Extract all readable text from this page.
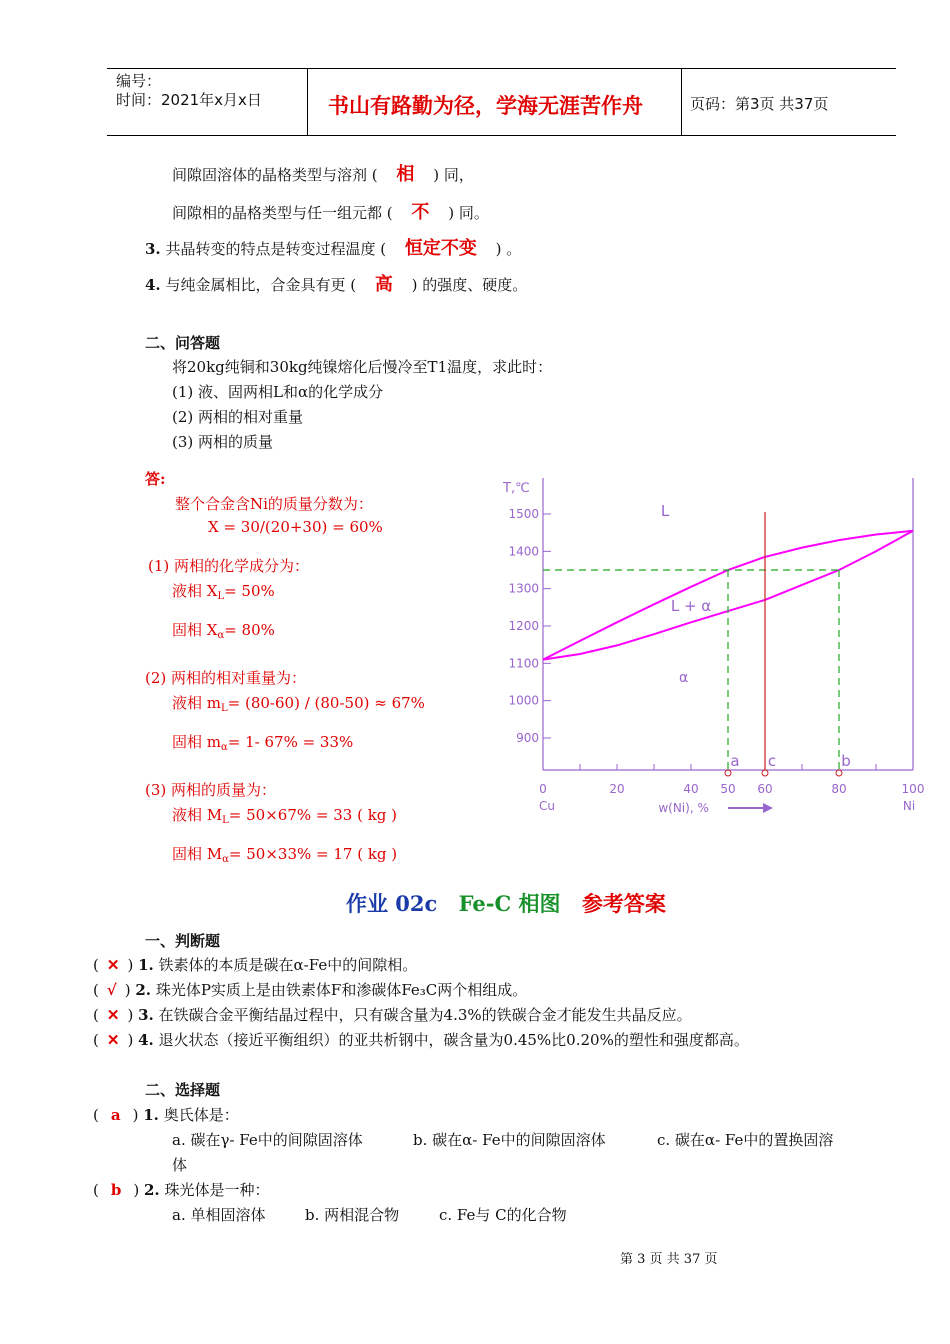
编号：
时间：2021年x月x日	书山有路勤为径，学海无涯苦作舟	页码：第3页 共37页
间隙固溶体的晶格类型与溶剂 ( 相 ) 同，
间隙相的晶格类型与任一组元都 ( 不 ) 同。
3. 共晶转变的特点是转变过程温度 ( 恒定不变 ) 。
4. 与纯金属相比，合金具有更 ( 高 ) 的强度、硬度。
二、问答题
将20kg纯铜和30kg纯镍熔化后慢冷至T1温度，求此时：
(1) 液、固两相L和α的化学成分
(2) 两相的相对重量
(3) 两相的质量
答:
整个合金含Ni的质量分数为：
X = 30/(20+30) = 60%
(1) 两相的化学成分为：
液相 $X_L= 50\%$
固相 $X_\alpha= 80\%$
(2) 两相的相对重量为：
液相 $m_L= (80-60) / (80-50) \approx 67\%$
固相 $m_\alpha= 1-$ 67% = 33%
(3) 两相的质量为：
液相 $M_L= 50\times 67\% = 33$ ( kg )
固相 $M_\alpha= 50\times 33\% = 17$ ( kg )
900
1000
1100
1200
1300
1400
1500
T,℃
0	20	40 50 60	80	100
Cu	Ni
w(Ni), %
a c	b
L
L + α
α
作业 02c Fe-C 相图 参考答案
一、判断题
( ✕ ) 1. 铁素体的本质是碳在α-Fe中的间隙相。
( √ ) 2. 珠光体P实质上是由铁素体F和渗碳体Fe₃C两个相组成。
( ✕ ) 3. 在铁碳合金平衡结晶过程中，只有碳含量为4.3%的铁碳合金才能发生共晶反应。
( ✕ ) 4. 退火状态（接近平衡组织）的亚共析钢中，碳含量为0.45%比0.20%的塑性和强度都高。
二、选择题
( a ) 1. 奥氏体是：
a. 碳在γ- Fe中的间隙固溶体	b. 碳在α- Fe中的间隙固溶体	c. 碳在α- Fe中的置换固溶
体
( b ) 2. 珠光体是一种：
a. 单相固溶体	b. 两相混合物	c. Fe与 C的化合物
第 3 页 共 37 页
